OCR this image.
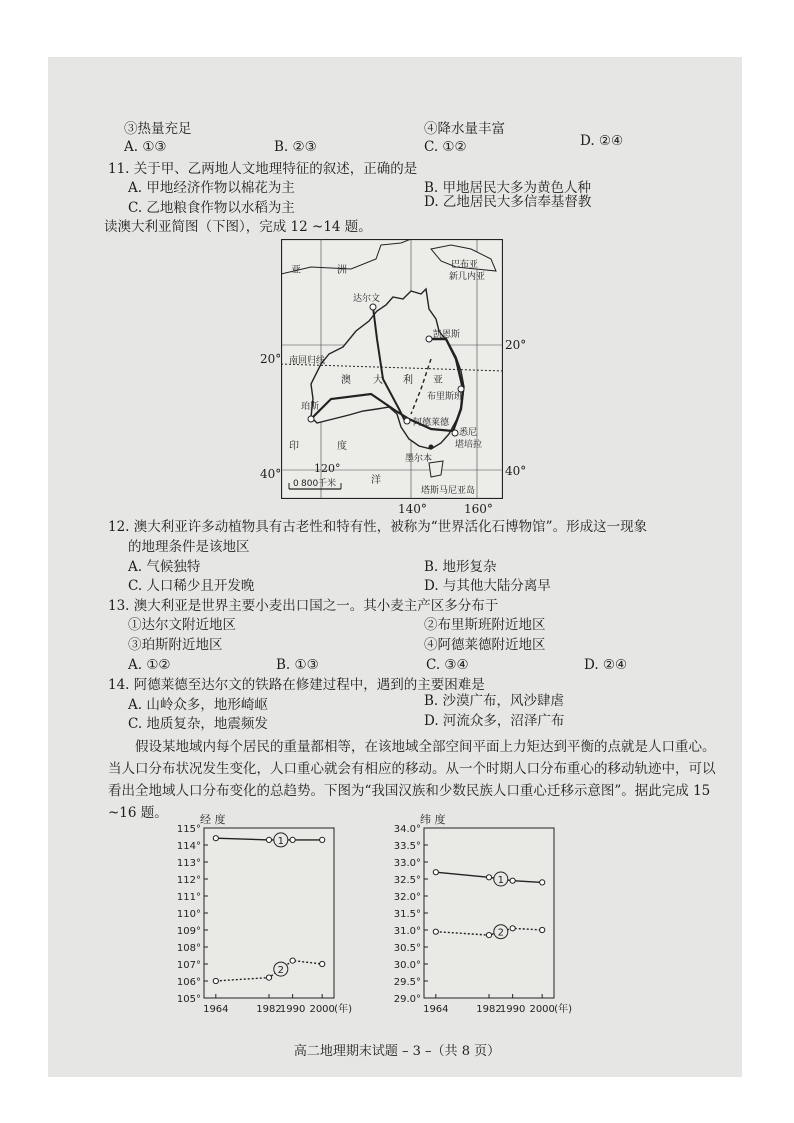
③热量充足	④降水量丰富
A. ①③	B. ②③	C. ①②	D. ②④
11. 关于甲、乙两地人文地理特征的叙述，正确的是
A. 甲地经济作物以棉花为主	B. 甲地居民大多为黄色人种
C. 乙地粮食作物以水稻为主	D. 乙地居民大多信奉基督教
读澳大利亚简图（下图），完成 12 ~14 题。
亚	洲	巴布亚
新几内亚
达尔文
凯恩斯
南回归线
澳 大 利 亚
布里斯班
珀斯
阿德莱德
悉尼
堪培拉
墨尔本
印	度
洋
塔斯马尼亚岛
0 800千米
20°
20°
40°	40°
120°
140°	160°
12. 澳大利亚许多动植物具有古老性和特有性，被称为“世界活化石博物馆”。形成这一现象
的地理条件是该地区
A. 气候独特	B. 地形复杂
C. 人口稀少且开发晚	D. 与其他大陆分离早
13. 澳大利亚是世界主要小麦出口国之一。其小麦主产区多分布于
①达尔文附近地区	②布里斯班附近地区
③珀斯附近地区	④阿德莱德附近地区
A. ①②	B. ①③	C. ③④	D. ②④
14. 阿德莱德至达尔文的铁路在修建过程中，遇到的主要困难是
A. 山岭众多，地形崎岖	B. 沙漠广布，风沙肆虐
C. 地质复杂，地震频发	D. 河流众多，沼泽广布
假设某地域内每个居民的重量都相等，在该地域全部空间平面上力矩达到平衡的点就是人口重心。当人口分布状况发生变化，人口重心就会有相应的移动。从一个时期人口分布重心的移动轨迹中，可以看出全地域人口分布变化的总趋势。下图为“我国汉族和少数民族人口重心迁移示意图”。据此完成 15 ~16 题。	经 度
105°
106°
107°
108°
109°
110°
111°
112°
113°
114°
115°
1964	1982
1990 2000 (年)
1
2
纬 度
29.0°
29.5°
30.0°
30.5°
31.0°
31.5°
32.0°
32.5°
33.0°
33.5°
34.0°
1964	1982
1990 2000 (年)
1
2
高二地理期末试题 – 3 –（共 8 页）
